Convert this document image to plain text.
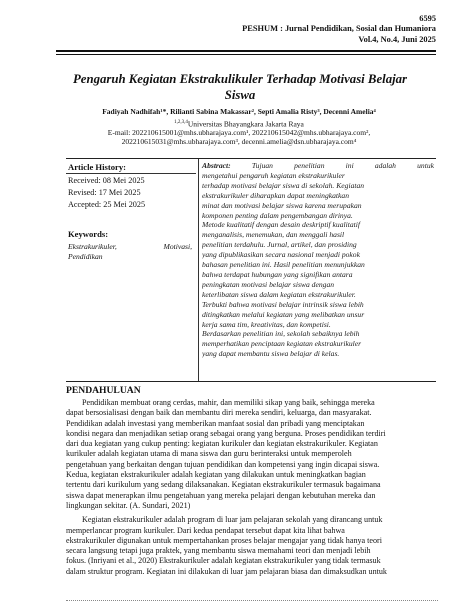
6595
PESHUM : Jurnal Pendidikan, Sosial dan Humaniora
Vol.4, No.4, Juni 2025
Pengaruh Kegiatan Ekstrakulikuler Terhadap Motivasi Belajar
Siswa
Fadiyah Nadhifah¹*, Rilianti Sabina Makassar², Septi Amalia Risty³, Decenni Amelia⁴
$^{1,2,3,4}$Universitas Bhayangkara Jakarta Raya
E-mail: 202210615001@mhs.ubharajaya.com¹, 202210615042@mhs.ubharajaya.com²,
202210615031@mhs.ubharajaya.com³, decenni.amelia@dsn.ubharajaya.com⁴
Article History:
Received: 08 Mei 2025
Revised: 17 Mei 2025
Accepted: 25 Mei 2025
Keywords:
Ekstrakurikuler,	Motivasi,
Pendidikan
Abstract:	Tujuan	penelitian	ini	adalah	untuk
mengetahui pengaruh kegiatan ekstrakurikuler
terhadap motivasi belajar siswa di sekolah. Kegiatan
ekstrakurikuler diharapkan dapat meningkatkan
minat dan motivasi belajar siswa karena merupakan
komponen penting dalam pengembangan dirinya.
Metode kualitatif dengan desain deskriptif kualitatif
menganalisis, menemukan, dan menggali hasil
penelitian terdahulu. Jurnal, artikel, dan prosiding
yang dipublikasikan secara nasional menjadi pokok
bahasan penelitian ini. Hasil penelitian menunjukkan
bahwa terdapat hubungan yang signifikan antara
peningkatan motivasi belajar siswa dengan
keterlibatan siswa dalam kegiatan ekstrakurikuler.
Terbukti bahwa motivasi belajar intrinsik siswa lebih
ditingkatkan melalui kegiatan yang melibatkan unsur
kerja sama tim, kreativitas, dan kompetisi.
Berdasarkan penelitian ini, sekolah sebaiknya lebih
memperhatikan penciptaan kegiatan ekstrakurikuler
yang dapat membantu siswa belajar di kelas.
PENDAHULUAN
Pendidikan membuat orang cerdas, mahir, dan memiliki sikap yang baik, sehingga mereka
dapat bersosialisasi dengan baik dan membantu diri mereka sendiri, keluarga, dan masyarakat.
Pendidikan adalah investasi yang memberikan manfaat sosial dan pribadi yang menciptakan
kondisi negara dan menjadikan setiap orang sebagai orang yang berguna. Proses pendidikan terdiri
dari dua kegiatan yang cukup penting: kegiatan kurikuler dan kegiatan ekstrakurikuler. Kegiatan
kurikuler adalah kegiatan utama di mana siswa dan guru berinteraksi untuk memperoleh
pengetahuan yang berkaitan dengan tujuan pendidikan dan kompetensi yang ingin dicapai siswa.
Kedua, kegiatan ekstrakurikuler adalah kegiatan yang dilakukan untuk meningkatkan bagian
tertentu dari kurikulum yang sedang dilaksanakan. Kegiatan ekstrakurikuler termasuk bagaimana
siswa dapat menerapkan ilmu pengetahuan yang mereka pelajari dengan kebutuhan mereka dan
lingkungan sekitar. (A. Sundari, 2021)
Kegiatan ekstrakurikuler adalah program di luar jam pelajaran sekolah yang dirancang untuk
memperlancar program kurikuler. Dari kedua pendapat tersebut dapat kita lihat bahwa
ekstrakurikuler digunakan untuk mempertahankan proses belajar mengajar yang tidak hanya teori
secara langsung tetapi juga praktek, yang membantu siswa memahami teori dan menjadi lebih
fokus. (Inriyani et al., 2020) Ekstrakurikuler adalah kegiatan ekstrakurikuler yang tidak termasuk
dalam struktur program. Kegiatan ini dilakukan di luar jam pelajaran biasa dan dimaksudkan untuk
